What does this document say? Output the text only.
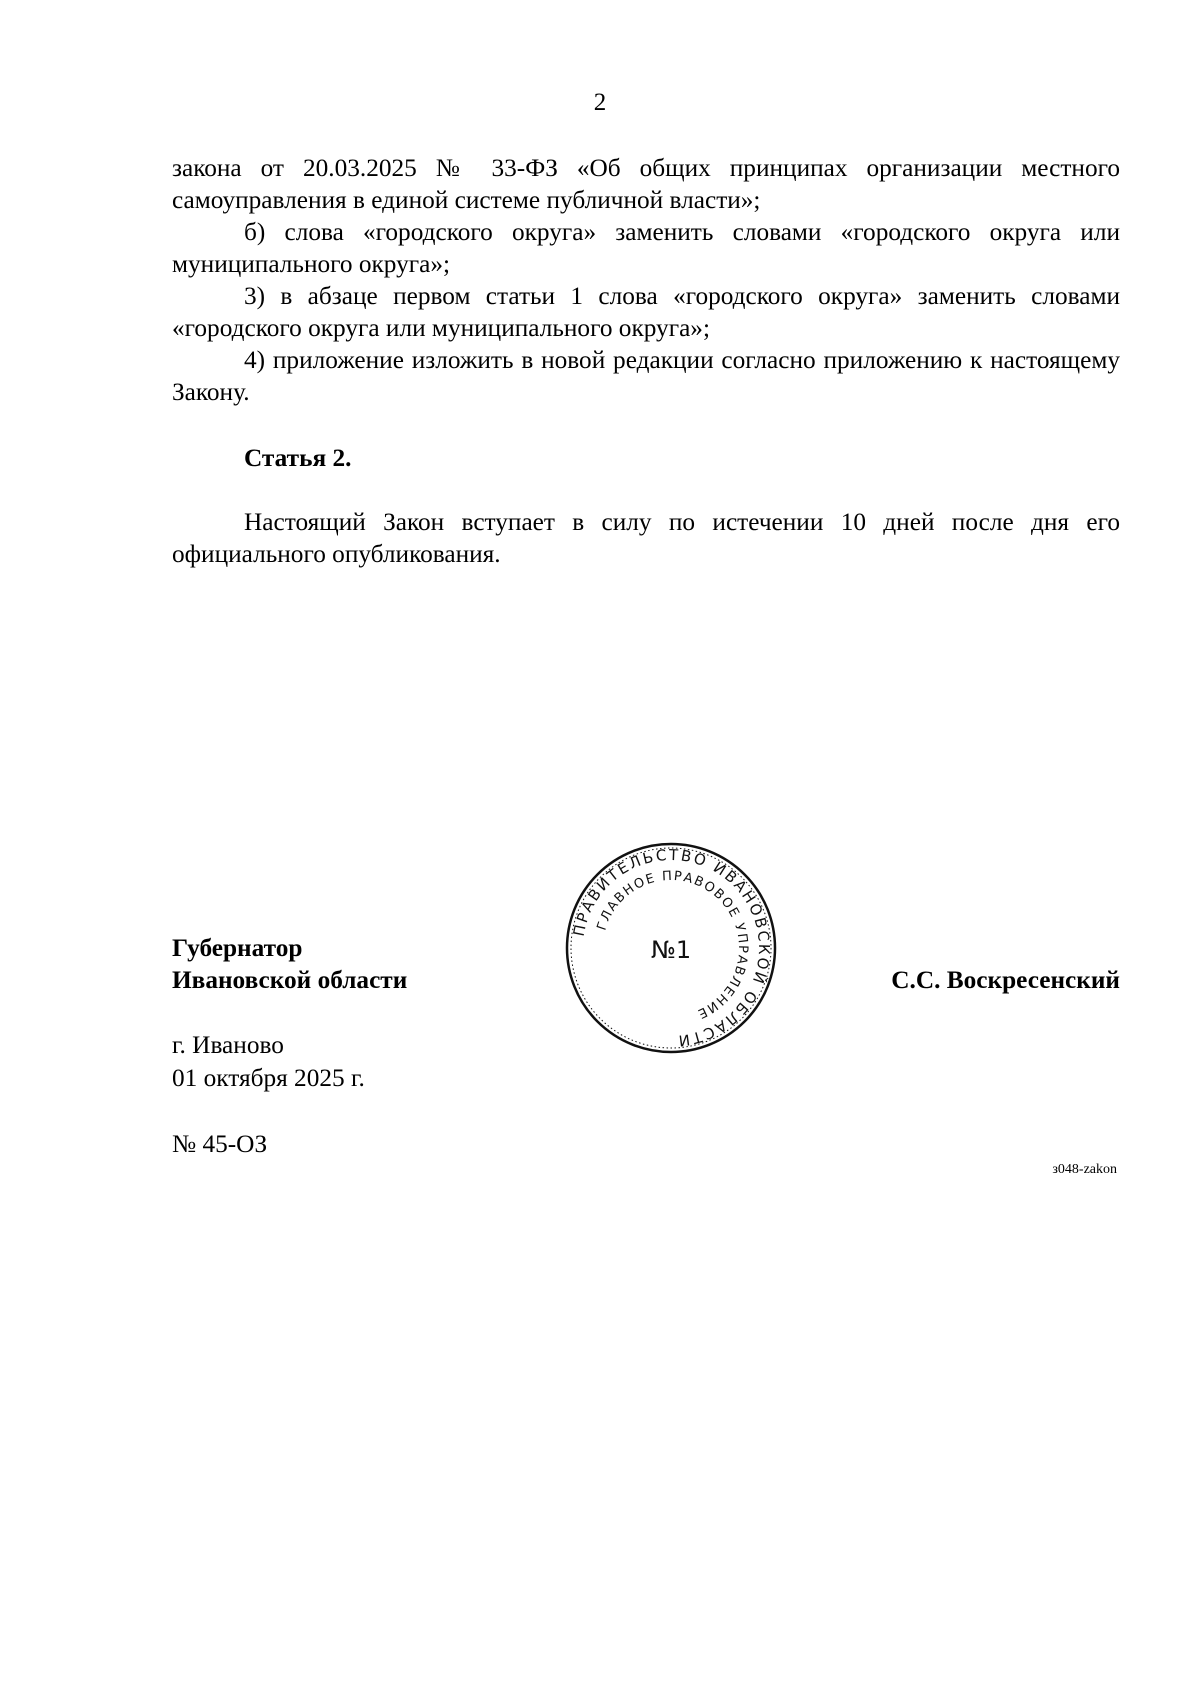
2
закона от 20.03.2025 № 33-ФЗ «Об общих принципах организации местного самоуправления в единой системе публичной власти»;
б) слова «городского округа» заменить словами «городского округа или муниципального округа»;
3) в абзаце первом статьи 1 слова «городского округа» заменить словами «городского округа или муниципального округа»;
4) приложение изложить в новой редакции согласно приложению к настоящему Закону.
Статья 2.
Настоящий Закон вступает в силу по истечении 10 дней после дня его официального опубликования.
Губернатор
Ивановской области
ПРАВИТЕЛЬСТВО ИВАНОВСКОЙ ОБЛАСТИ
ГЛАВНОЕ ПРАВОВОЕ УПРАВЛЕНИЕ
№1
С.С. Воскресенский
г. Иваново
01 октября 2025 г.
№ 45-ОЗ
з048-zakon
